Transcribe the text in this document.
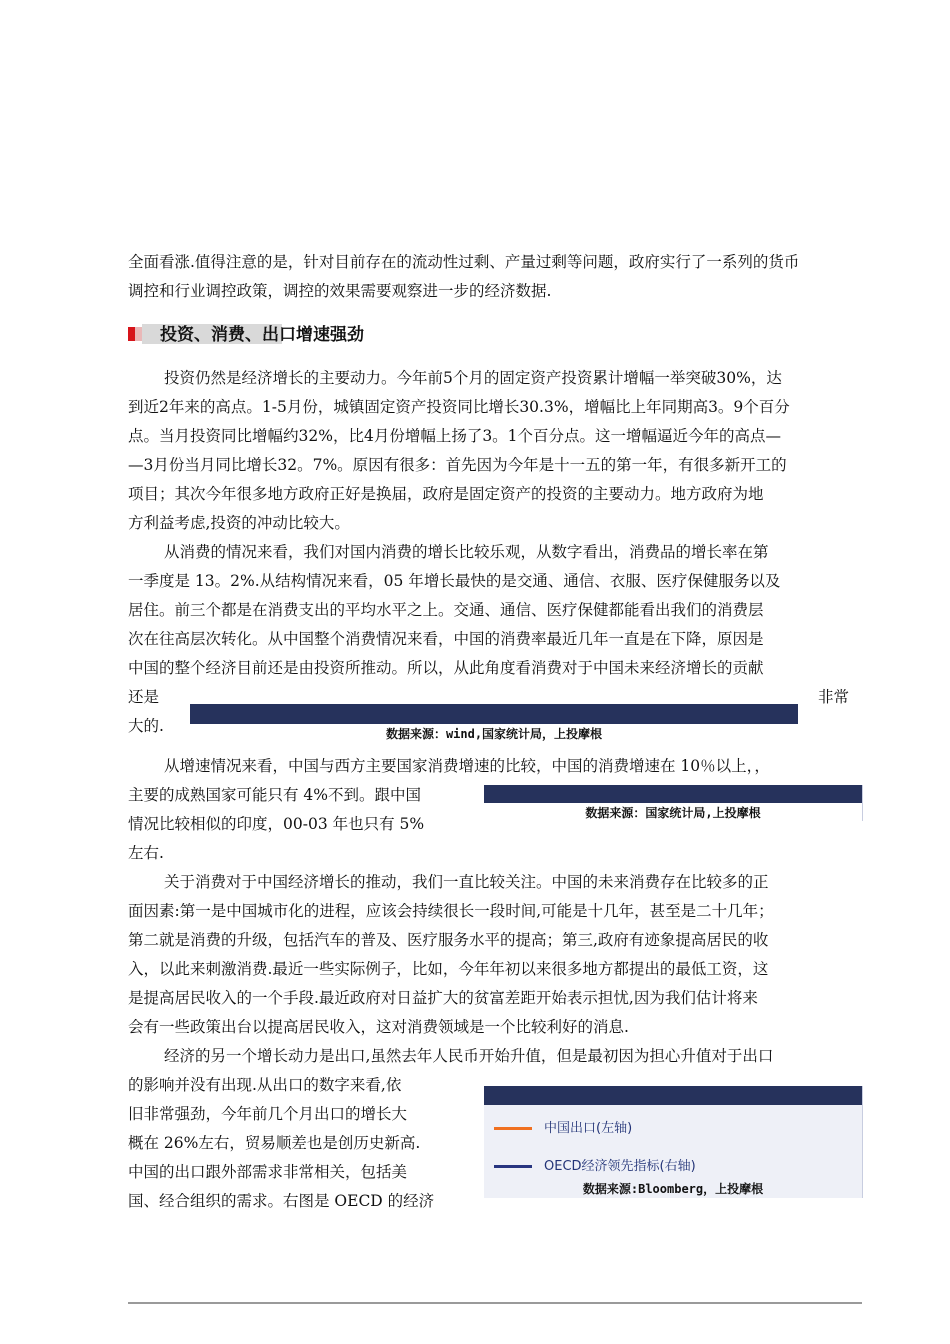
全面看涨.值得注意的是，针对目前存在的流动性过剩、产量过剩等问题，政府实行了一系列的货币

调控和行业调控政策，调控的效果需要观察进一步的经济数据.

投资、消费、出口增速强劲

投资仍然是经济增长的主要动力。今年前5个月的固定资产投资累计增幅一举突破30%，达

到近2年来的高点。1-5月份，城镇固定资产投资同比增长30.3%，增幅比上年同期高3。9个百分

点。当月投资同比增幅约32%，比4月份增幅上扬了3。1个百分点。这一增幅逼近今年的高点—

—3月份当月同比增长32。7%。原因有很多：首先因为今年是十一五的第一年，有很多新开工的

项目；其次今年很多地方政府正好是换届，政府是固定资产的投资的主要动力。地方政府为地

方利益考虑,投资的冲动比较大。

从消费的情况来看，我们对国内消费的增长比较乐观，从数字看出，消费品的增长率在第

一季度是 13。2%.从结构情况来看，05 年增长最快的是交通、通信、衣服、医疗保健服务以及

居住。前三个都是在消费支出的平均水平之上。交通、通信、医疗保健都能看出我们的消费层

次在往高层次转化。从中国整个消费情况来看，中国的消费率最近几年一直是在下降，原因是

中国的整个经济目前还是由投资所推动。所以，从此角度看消费对于中国未来经济增长的贡献

还是	非常

大的.	数据来源：wind,国家统计局，上投摩根

从增速情况来看，中国与西方主要国家消费增速的比较，中国的消费增速在 10％以上，，

主要的成熟国家可能只有 4%不到。跟中国

情况比较相似的印度，00-03 年也只有 5%

左右.

数据来源：国家统计局,上投摩根

关于消费对于中国经济增长的推动，我们一直比较关注。中国的未来消费存在比较多的正

面因素:第一是中国城市化的进程，应该会持续很长一段时间,可能是十几年，甚至是二十几年；

第二就是消费的升级，包括汽车的普及、医疗服务水平的提高；第三,政府有迹象提高居民的收

入，以此来刺激消费.最近一些实际例子，比如，今年年初以来很多地方都提出的最低工资，这

是提高居民收入的一个手段.最近政府对日益扩大的贫富差距开始表示担忧,因为我们估计将来

会有一些政策出台以提高居民收入，这对消费领域是一个比较利好的消息.

经济的另一个增长动力是出口,虽然去年人民币开始升值，但是最初因为担心升值对于出口

的影响并没有出现.从出口的数字来看,依

旧非常强劲，今年前几个月出口的增长大

概在 26%左右，贸易顺差也是创历史新高.

中国的出口跟外部需求非常相关，包括美

国、经合组织的需求。右图是 OECD 的经济

中国出口(左轴)
OECD经济领先指标(右轴)
数据来源:Bloomberg，上投摩根
